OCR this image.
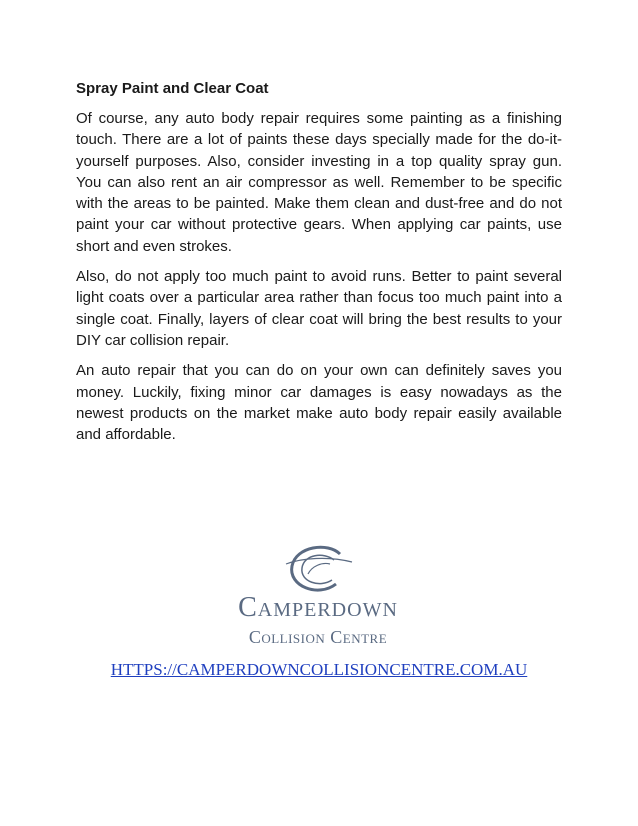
Spray Paint and Clear Coat

Of course, any auto body repair requires some painting as a finishing touch. There are a lot of paints these days specially made for the do-it-yourself purposes. Also, consider investing in a top quality spray gun. You can also rent an air compressor as well. Remember to be specific with the areas to be painted. Make them clean and dust-free and do not paint your car without protective gears. When applying car paints, use short and even strokes.

Also, do not apply too much paint to avoid runs. Better to paint several light coats over a particular area rather than focus too much paint into a single coat. Finally, layers of clear coat will bring the best results to your DIY car collision repair.

An auto repair that you can do on your own can definitely saves you money. Luckily, fixing minor car damages is easy nowadays as the newest products on the market make auto body repair easily available and affordable.

Camperdown
Collision Centre
HTTPS://CAMPERDOWNCOLLISIONCENTRE.COM.AU
